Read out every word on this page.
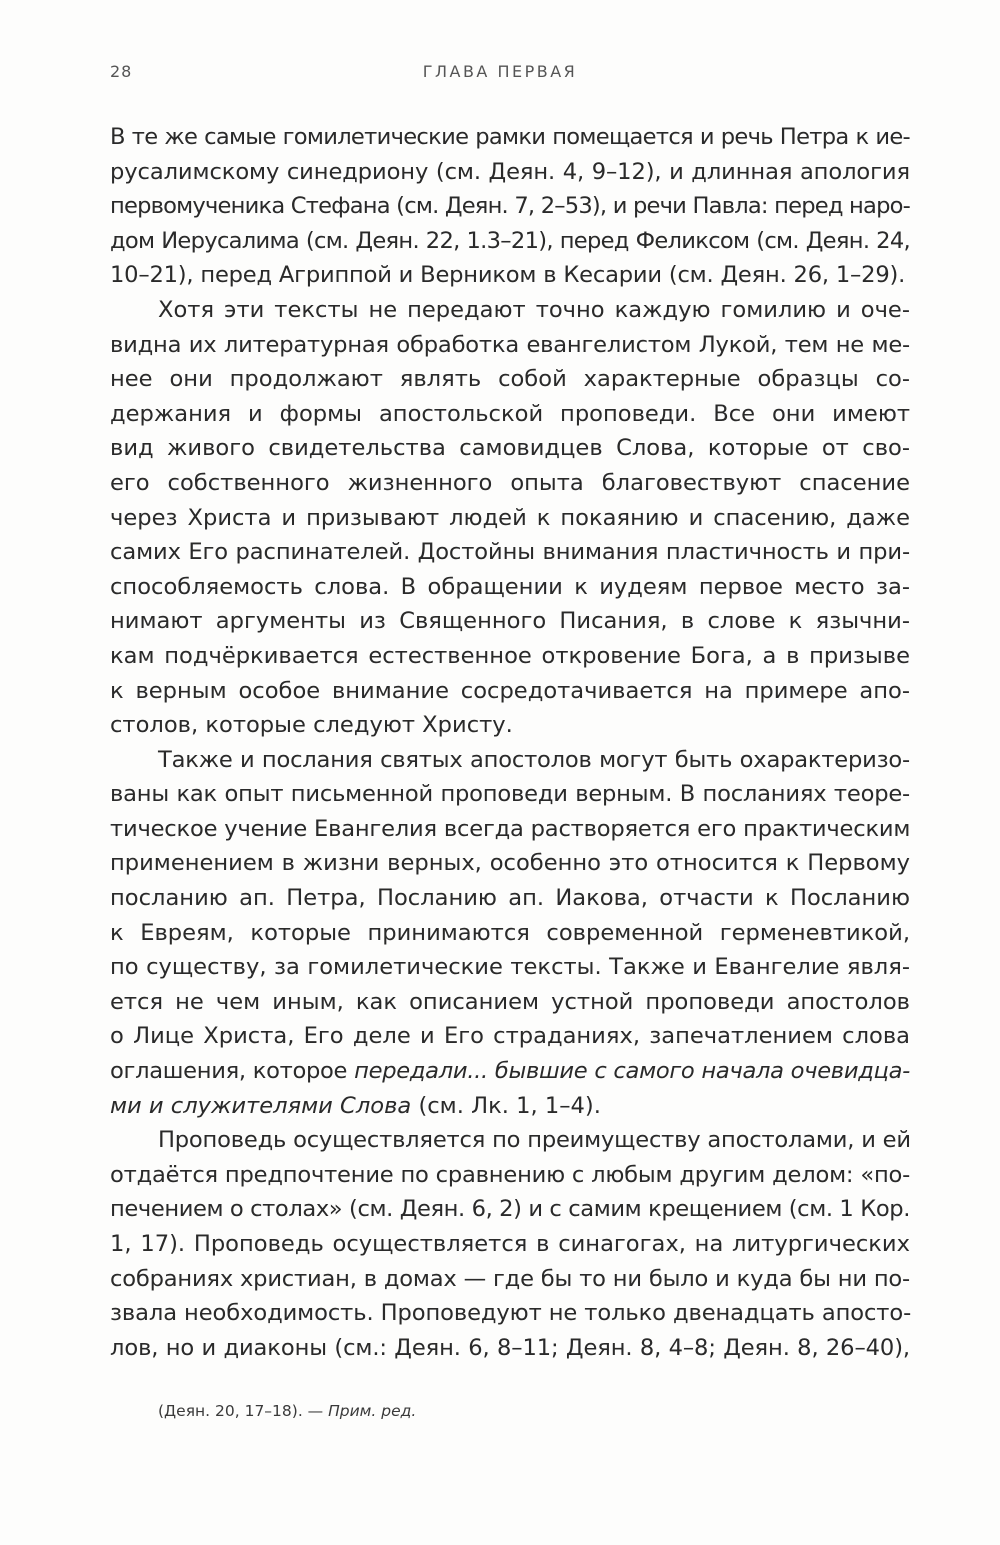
28	ГЛАВА ПЕРВАЯ
В те же самые гомилетические рамки помещается и речь Петра к ие-
русалимскому синедриону (см. Деян. 4, 9–12), и длинная апология
первомученика Стефана (см. Деян. 7, 2–53), и речи Павла: перед наро-
дом Иерусалима (см. Деян. 22, 1.3–21), перед Феликсом (см. Деян. 24,
10–21), перед Агриппой и Верником в Кесарии (см. Деян. 26, 1–29).
Хотя эти тексты не передают точно каждую гомилию и оче-
видна их литературная обработка евангелистом Лукой, тем не ме-
нее они продолжают являть собой характерные образцы со-
держания и формы апостольской проповеди. Все они имеют
вид живого свидетельства самовидцев Слова, которые от сво-
его собственного жизненного опыта благовествуют спасение
через Христа и призывают людей к покаянию и спасению, даже
самих Его распинателей. Достойны внимания пластичность и при-
способляемость слова. В обращении к иудеям первое место за-
нимают аргументы из Священного Писания, в слове к язычни-
кам подчёркивается естественное откровение Бога, а в призыве
к верным особое внимание сосредотачивается на примере апо-
столов, которые следуют Христу.
Также и послания святых апостолов могут быть охарактеризо-
ваны как опыт письменной проповеди верным. В посланиях теоре-
тическое учение Евангелия всегда растворяется его практическим
применением в жизни верных, особенно это относится к Первому
посланию ап. Петра, Посланию ап. Иакова, отчасти к Посланию
к Евреям, которые принимаются современной герменевтикой,
по существу, за гомилетические тексты. Также и Евангелие явля-
ется не чем иным, как описанием устной проповеди апостолов
о Лице Христа, Его деле и Его страданиях, запечатлением слова
оглашения, которое передали... бывшие с самого начала очевидца-
ми и служителями Слова (см. Лк. 1, 1–4).
Проповедь осуществляется по преимуществу апостолами, и ей
отдаётся предпочтение по сравнению с любым другим делом: «по-
печением о столах» (см. Деян. 6, 2) и с самим крещением (см. 1 Кор.
1, 17). Проповедь осуществляется в синагогах, на литургических
собраниях христиан, в домах — где бы то ни было и куда бы ни по-
звала необходимость. Проповедуют не только двенадцать апосто-
лов, но и диаконы (см.: Деян. 6, 8–11; Деян. 8, 4–8; Деян. 8, 26–40),
(Деян. 20, 17–18). — Прим. ред.
